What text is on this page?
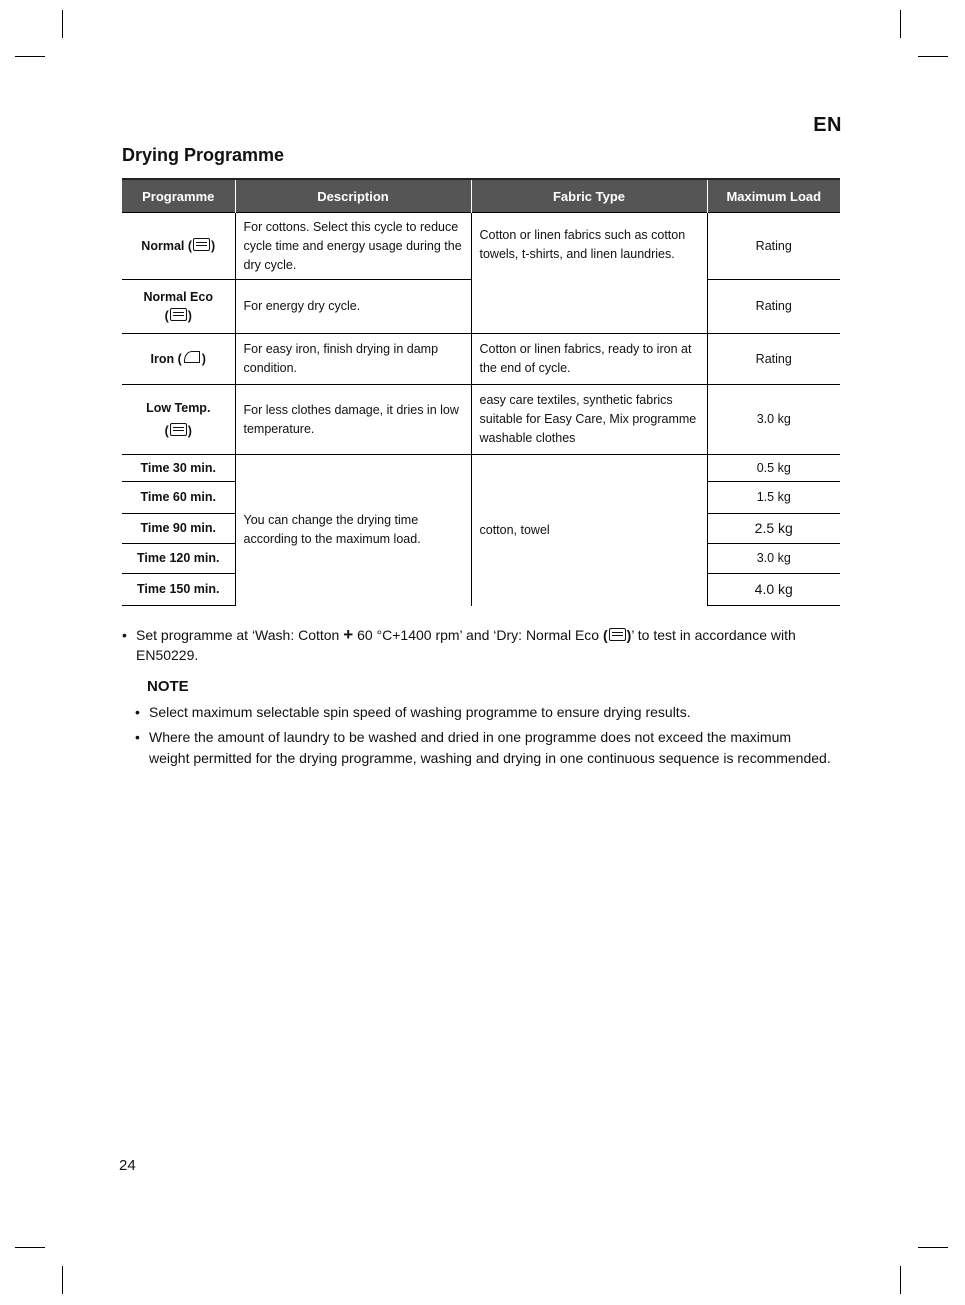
EN
Drying Programme
Programme	Description	Fabric Type	Maximum Load
Normal ( )	For cottons. Select this cycle to reduce cycle time and energy usage during the dry cycle.	Cotton or linen fabrics such as cotton towels, t-shirts, and linen laundries.	Rating

Normal Eco
( )	For energy dry cycle.		Rating
Iron ( )	For easy iron, finish drying in damp condition.	Cotton or linen fabrics, ready to iron at the end of cycle.	Rating

Low Temp.
( )	For less clothes damage, it dries in low temperature.	easy care textiles, synthetic fabrics suitable for Easy Care, Mix programme washable clothes	3.0 kg
Time 30 min.	You can change the drying time according to the maximum load.	cotton, towel	0.5 kg
Time 60 min.			1.5 kg
Time 90 min.			2.5 kg
Time 120 min.			3.0 kg
Time 150 min.			4.0 kg
• Set programme at ‘Wash: Cotton + 60 °C+1400 rpm’ and ‘Dry: Normal Eco ( )’ to test in accordance with EN50229.
NOTE
• Select maximum selectable spin speed of washing programme to ensure drying results.
• Where the amount of laundry to be washed and dried in one programme does not exceed the maximum weight permitted for the drying programme, washing and drying in one continuous sequence is recommended.
24
